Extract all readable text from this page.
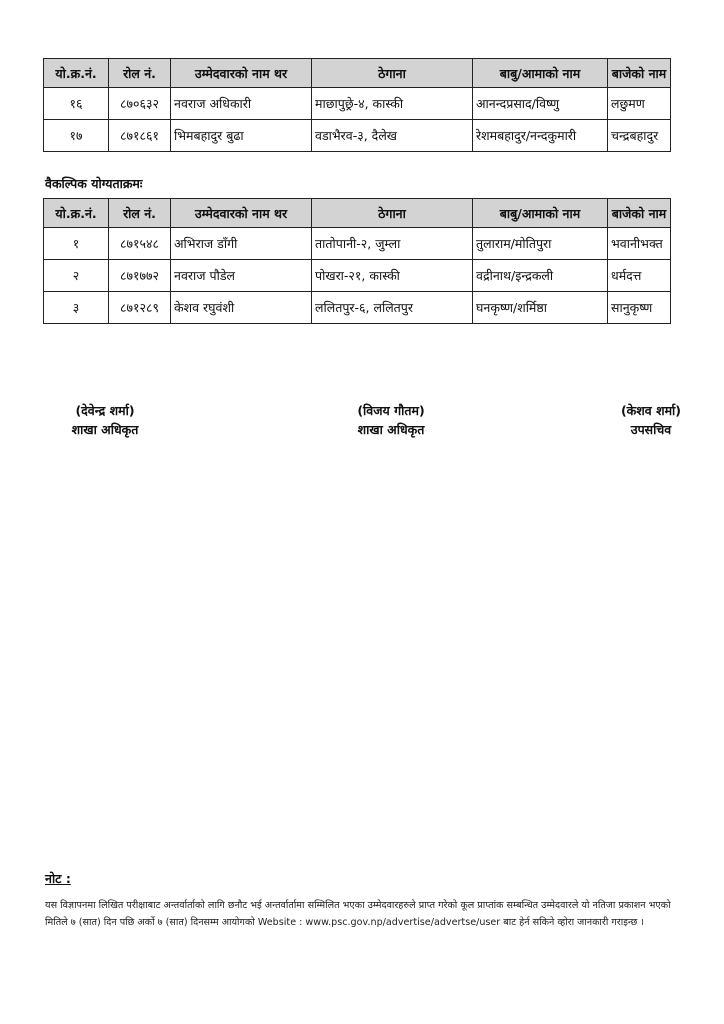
यो.क्र.नं.	रोल नं.	उम्मेदवारको नाम थर	ठेगाना	बाबु/आमाको नाम	बाजेको नाम
१६	८७०६३२	नवराज अधिकारी	माछापुछ्रे-४, कास्की	आनन्दप्रसाद/विष्णु	लछुमण
१७	८७१८६१	भिमबहादुर बुढा	वडाभैरव-३, दैलेख	रेशमबहादुर/नन्दकुमारी	चन्द्रबहादुर
वैकल्पिक योग्यताक्रमः
यो.क्र.नं.	रोल नं.	उम्मेदवारको नाम थर	ठेगाना	बाबु/आमाको नाम	बाजेको नाम
१	८७१५४८	अभिराज डाँगी	तातोपानी-२, जुम्ला	तुलाराम/मोतिपुरा	भवानीभक्त
२	८७१७७२	नवराज पौडेल	पोखरा-२१, कास्की	वद्रीनाथ/इन्द्रकली	धर्मदत्त
३	८७१२८९	केशव रघुवंशी	ललितपुर-६, ललितपुर	घनकृष्ण/शर्मिष्ठा	सानुकृष्ण
(देवेन्द्र शर्मा)
शाखा अधिकृत
(विजय गौतम)
शाखा अधिकृत
(केशव शर्मा)
उपसचिव
नोट :
यस विज्ञापनमा लिखित परीक्षाबाट अन्तर्वार्ताको लागि छनौट भई अन्तर्वार्तामा सम्मिलित भएका उम्मेदवारहरुले प्राप्त गरेको कूल प्राप्तांक सम्बन्धित उम्मेदवारले यो नतिजा प्रकाशन भएको मितिले ७ (सात) दिन पछि अर्को ७ (सात) दिनसम्म आयोगको Website : www.psc.gov.np/advertise/advertse/user बाट हेर्न सकिने व्होरा जानकारी गराइन्छ ।
